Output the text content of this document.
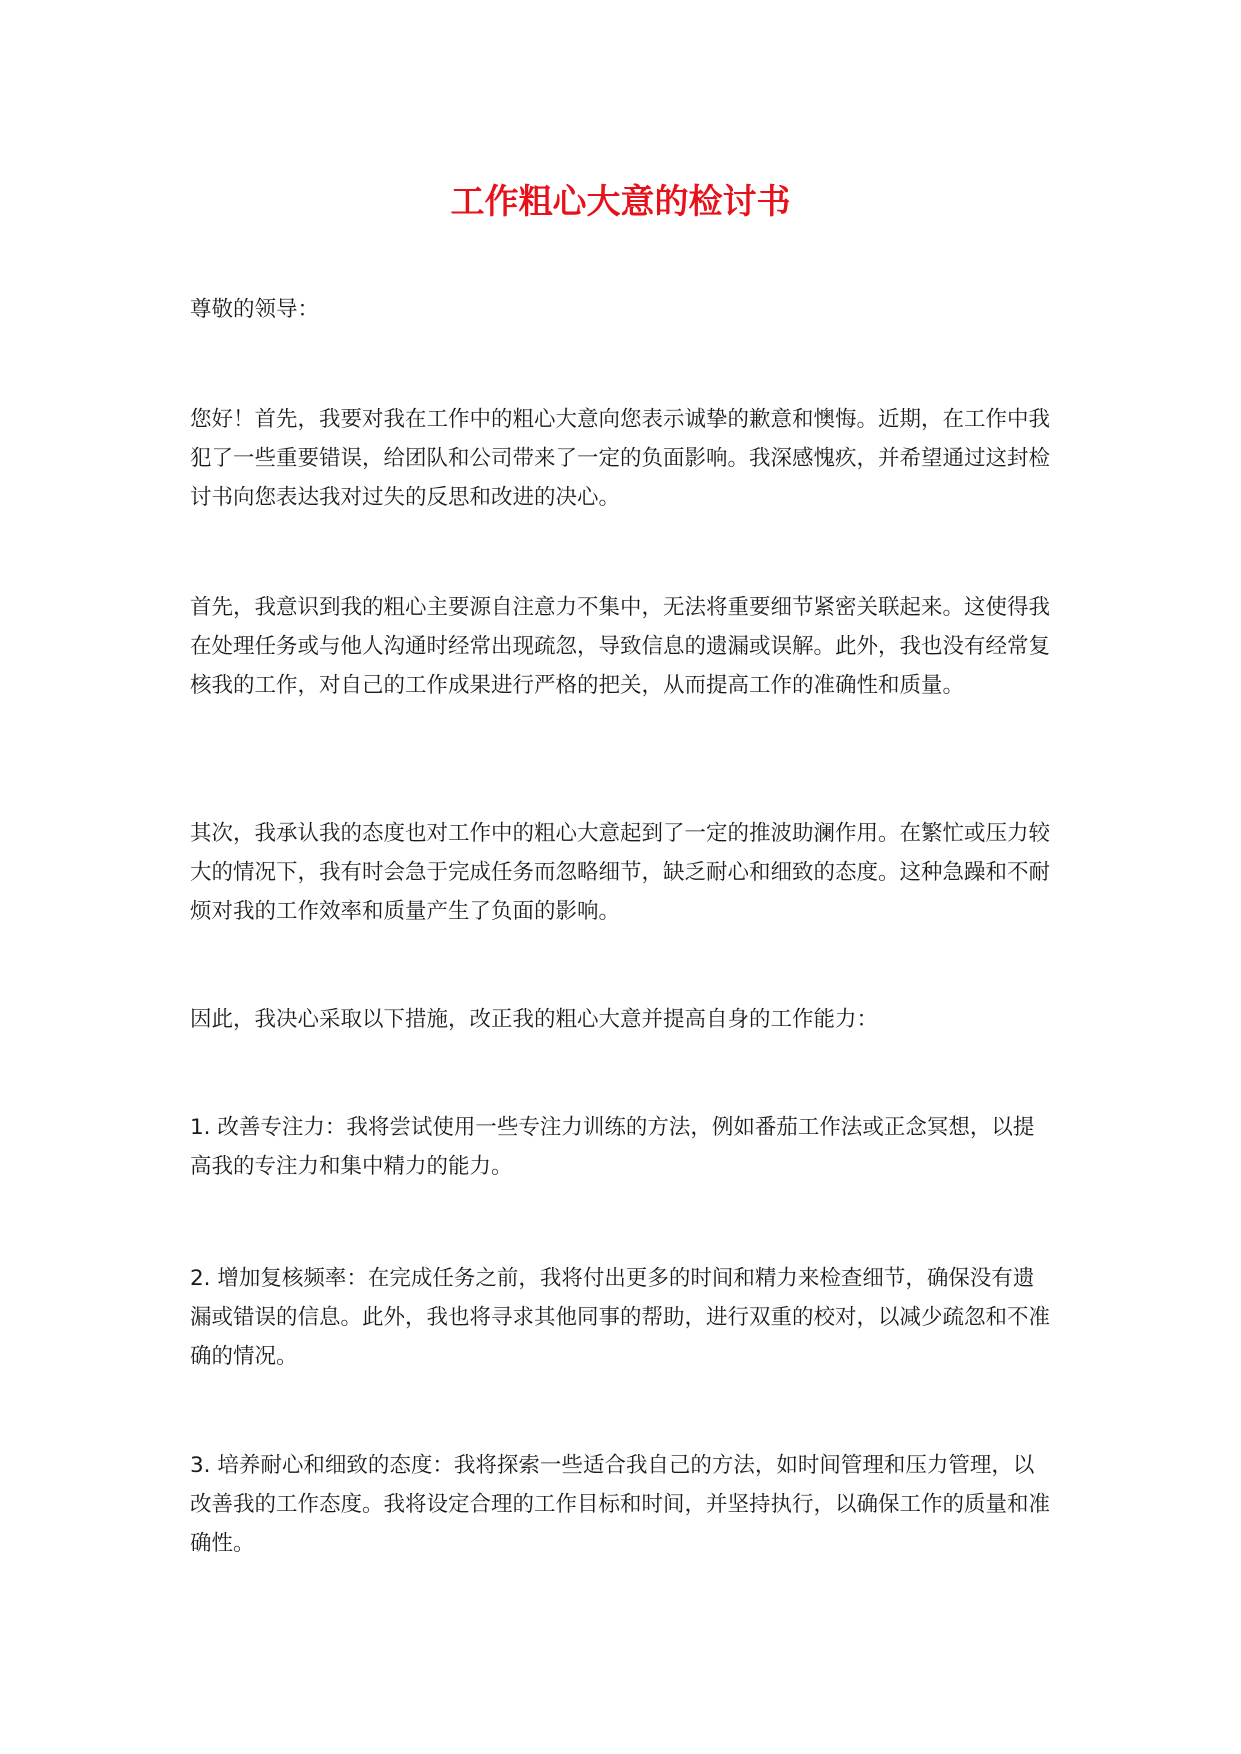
工作粗心大意的检讨书

尊敬的领导：

您好！首先，我要对我在工作中的粗心大意向您表示诚挚的歉意和懊悔。近期，在工作中我犯了一些重要错误，给团队和公司带来了一定的负面影响。我深感愧疚，并希望通过这封检讨书向您表达我对过失的反思和改进的决心。

首先，我意识到我的粗心主要源自注意力不集中，无法将重要细节紧密关联起来。这使得我在处理任务或与他人沟通时经常出现疏忽，导致信息的遗漏或误解。此外，我也没有经常复核我的工作，对自己的工作成果进行严格的把关，从而提高工作的准确性和质量。

其次，我承认我的态度也对工作中的粗心大意起到了一定的推波助澜作用。在繁忙或压力较大的情况下，我有时会急于完成任务而忽略细节，缺乏耐心和细致的态度。这种急躁和不耐烦对我的工作效率和质量产生了负面的影响。

因此，我决心采取以下措施，改正我的粗心大意并提高自身的工作能力：

1. 改善专注力：我将尝试使用一些专注力训练的方法，例如番茄工作法或正念冥想，以提高我的专注力和集中精力的能力。

2. 增加复核频率：在完成任务之前，我将付出更多的时间和精力来检查细节，确保没有遗漏或错误的信息。此外，我也将寻求其他同事的帮助，进行双重的校对，以减少疏忽和不准确的情况。

3. 培养耐心和细致的态度：我将探索一些适合我自己的方法，如时间管理和压力管理，以改善我的工作态度。我将设定合理的工作目标和时间，并坚持执行，以确保工作的质量和准确性。
